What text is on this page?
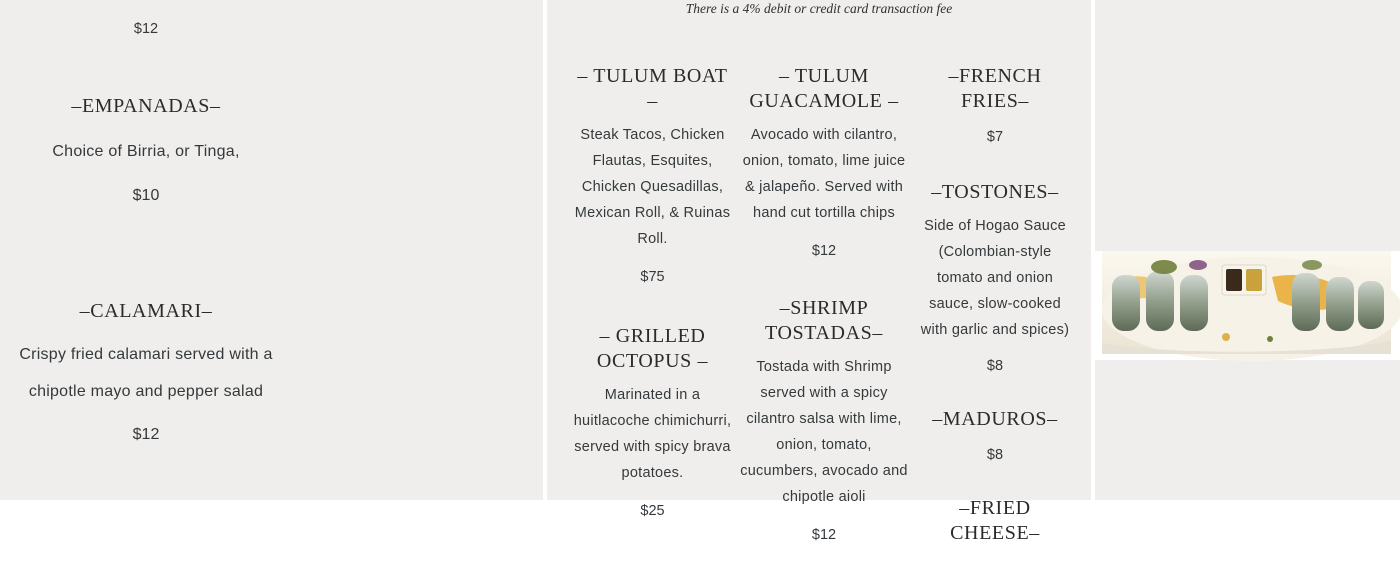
There is a 4% debit or credit card transaction fee
$12
–EMPANADAS–
Choice of Birria, or Tinga,
$10
–CALAMARI–
Crispy fried calamari served with a chipotle mayo and pepper salad
$12
– TULUM BOAT –
Steak Tacos, Chicken Flautas, Esquites, Chicken Quesadillas, Mexican Roll, & Ruinas Roll.
$75
– GRILLED OCTOPUS –
Marinated in a huitlacoche chimichurri, served with spicy brava potatoes.
$25
– TULUM GUACAMOLE –
Avocado with cilantro, onion, tomato, lime juice & jalapeño. Served with hand cut tortilla chips
$12
–SHRIMP TOSTADAS–
Tostada with Shrimp served with a spicy cilantro salsa with lime, onion, tomato, cucumbers, avocado and chipotle aioli
$12
–FRENCH FRIES–
$7
–TOSTONES–
Side of Hogao Sauce (Colombian-style tomato and onion sauce, slow-cooked with garlic and spices)
$8
–MADUROS–
$8
–FRIED CHEESE–
